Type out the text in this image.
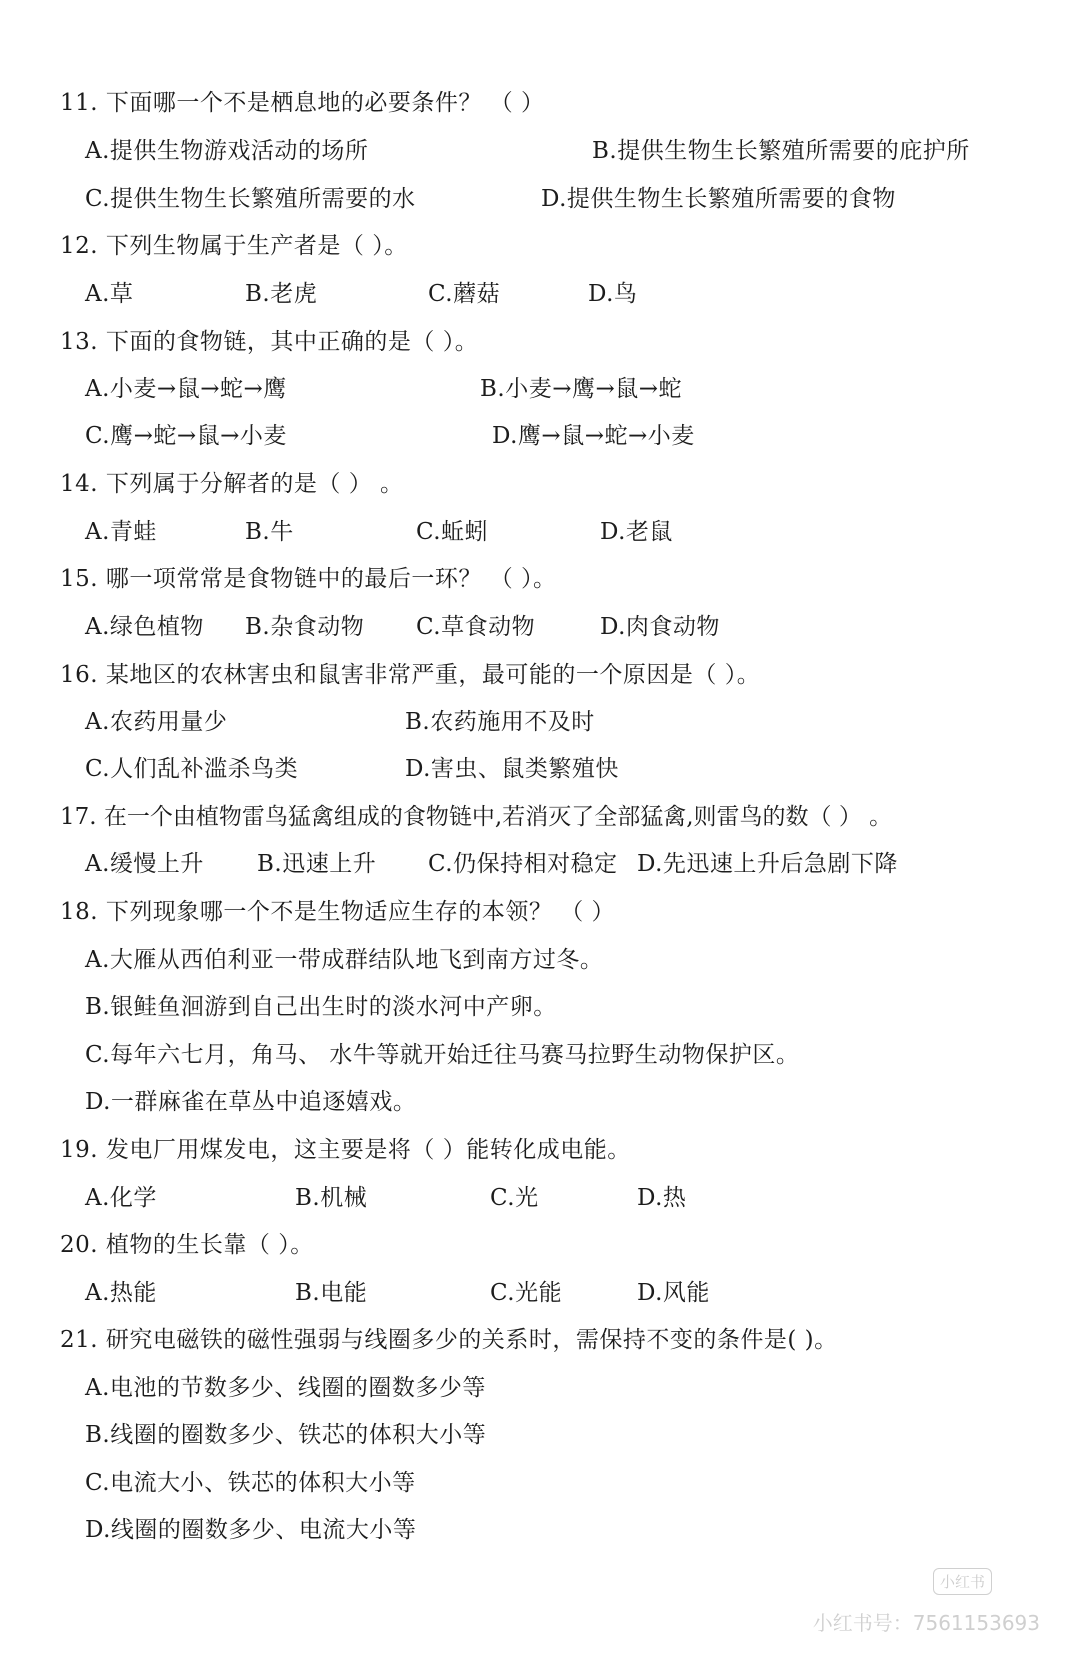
11. 下面哪一个不是栖息地的必要条件？ （ ）
A.提供生物游戏活动的场所	B.提供生物生长繁殖所需要的庇护所
C.提供生物生长繁殖所需要的水	D.提供生物生长繁殖所需要的食物
12. 下列生物属于生产者是（ ）。
A.草	B.老虎	C.蘑菇	D.鸟
13. 下面的食物链，其中正确的是（ ）。
A.小麦→鼠→蛇→鹰	B.小麦→鹰→鼠→蛇
C.鹰→蛇→鼠→小麦	D.鹰→鼠→蛇→小麦
14. 下列属于分解者的是（ ） 。
A.青蛙	B.牛	C.蚯蚓	D.老鼠
15. 哪一项常常是食物链中的最后一环？ （ ）。
A.绿色植物 B.杂食动物 C.草食动物	D.肉食动物
16. 某地区的农林害虫和鼠害非常严重，最可能的一个原因是（ ）。
A.农药用量少	B.农药施用不及时
C.人们乱补滥杀鸟类	D.害虫、鼠类繁殖快
17. 在一个由植物雷鸟猛禽组成的食物链中,若消灭了全部猛禽,则雷鸟的数（ ） 。
A.缓慢上升 B.迅速上升 C.仍保持相对稳定 D.先迅速上升后急剧下降
18. 下列现象哪一个不是生物适应生存的本领？ （ ）
A.大雁从西伯利亚一带成群结队地飞到南方过冬。
B.银鲑鱼洄游到自己出生时的淡水河中产卵。
C.每年六七月，角马、 水牛等就开始迁往马赛马拉野生动物保护区。
D.一群麻雀在草丛中追逐嬉戏。
19. 发电厂用煤发电，这主要是将（ ）能转化成电能。
A.化学	B.机械	C.光	D.热
20. 植物的生长靠（ ）。
A.热能	B.电能	C.光能	D.风能
21. 研究电磁铁的磁性强弱与线圈多少的关系时，需保持不变的条件是( )。
A.电池的节数多少、线圈的圈数多少等
B.线圈的圈数多少、铁芯的体积大小等
C.电流大小、铁芯的体积大小等
D.线圈的圈数多少、电流大小等
小红书
小红书号：7561153693
